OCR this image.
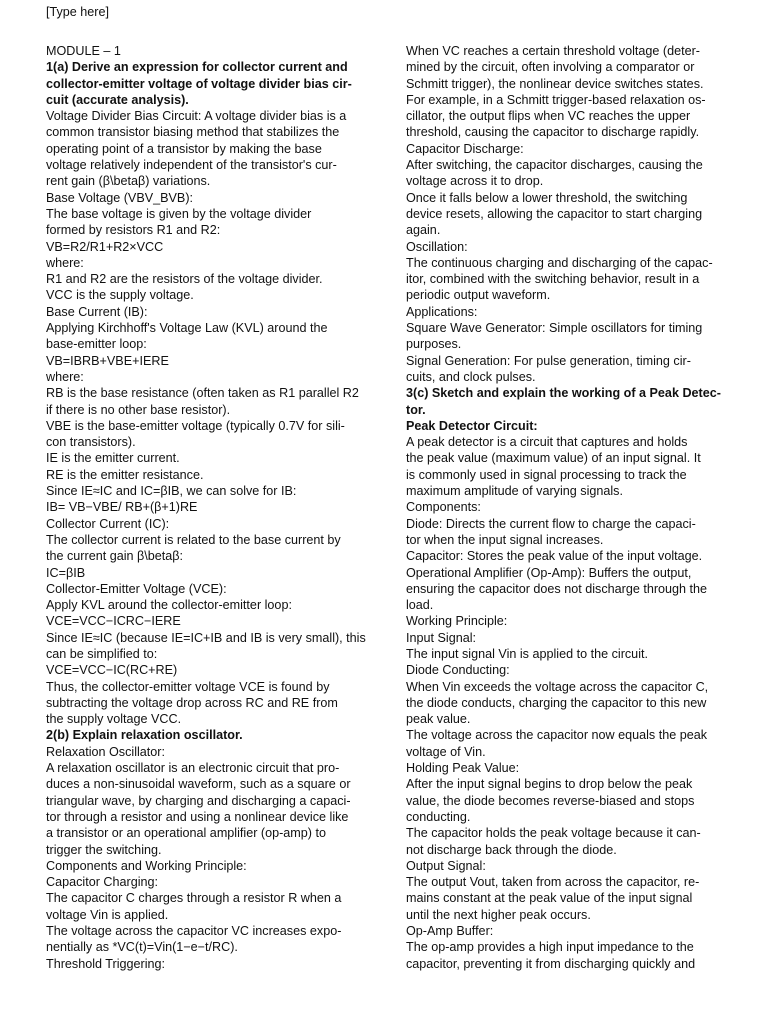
[Type here]
MODULE – 1
1(a) Derive an expression for collector current and
collector-emitter voltage of voltage divider bias cir-
cuit (accurate analysis).
Voltage Divider Bias Circuit: A voltage divider bias is a
common transistor biasing method that stabilizes the
operating point of a transistor by making the base
voltage relatively independent of the transistor's cur-
rent gain (β\betaβ) variations.
Base Voltage (VBV_BVB):
The base voltage is given by the voltage divider
formed by resistors R1 and R2:
VB=R2/R1+R2×VCC
where:
R1 and R2 are the resistors of the voltage divider.
VCC is the supply voltage.
Base Current (IB):
Applying Kirchhoff's Voltage Law (KVL) around the
base-emitter loop:
VB=IBRB+VBE+IERE
where:
RB is the base resistance (often taken as R1 parallel R2
if there is no other base resistor).
VBE is the base-emitter voltage (typically 0.7V for sili-
con transistors).
IE is the emitter current.
RE is the emitter resistance.
Since IE≈IC and IC=βIB, we can solve for IB:
IB= VB−VBE/ RB+(β+1)RE
Collector Current (IC):
The collector current is related to the base current by
the current gain β\betaβ:
IC=βIB
Collector-Emitter Voltage (VCE):
Apply KVL around the collector-emitter loop:
VCE=VCC−ICRC−IERE
Since IE≈IC (because IE=IC+IB and IB is very small), this
can be simplified to:
VCE=VCC−IC(RC+RE)
Thus, the collector-emitter voltage VCE is found by
subtracting the voltage drop across RC and RE from
the supply voltage VCC.
2(b) Explain relaxation oscillator.
Relaxation Oscillator:
A relaxation oscillator is an electronic circuit that pro-
duces a non-sinusoidal waveform, such as a square or
triangular wave, by charging and discharging a capaci-
tor through a resistor and using a nonlinear device like
a transistor or an operational amplifier (op-amp) to
trigger the switching.
Components and Working Principle:
Capacitor Charging:
The capacitor C charges through a resistor R when a
voltage Vin is applied.
The voltage across the capacitor VC increases expo-
nentially as *VC(t)=Vin(1−e−t/RC).
Threshold Triggering:
When VC reaches a certain threshold voltage (deter-
mined by the circuit, often involving a comparator or
Schmitt trigger), the nonlinear device switches states.
For example, in a Schmitt trigger-based relaxation os-
cillator, the output flips when VC reaches the upper
threshold, causing the capacitor to discharge rapidly.
Capacitor Discharge:
After switching, the capacitor discharges, causing the
voltage across it to drop.
Once it falls below a lower threshold, the switching
device resets, allowing the capacitor to start charging
again.
Oscillation:
The continuous charging and discharging of the capac-
itor, combined with the switching behavior, result in a
periodic output waveform.
Applications:
Square Wave Generator: Simple oscillators for timing
purposes.
Signal Generation: For pulse generation, timing cir-
cuits, and clock pulses.
3(c) Sketch and explain the working of a Peak Detec-
tor.
Peak Detector Circuit:
A peak detector is a circuit that captures and holds
the peak value (maximum value) of an input signal. It
is commonly used in signal processing to track the
maximum amplitude of varying signals.
Components:
Diode: Directs the current flow to charge the capaci-
tor when the input signal increases.
Capacitor: Stores the peak value of the input voltage.
Operational Amplifier (Op-Amp): Buffers the output,
ensuring the capacitor does not discharge through the
load.
Working Principle:
Input Signal:
The input signal Vin is applied to the circuit.
Diode Conducting:
When Vin exceeds the voltage across the capacitor C,
the diode conducts, charging the capacitor to this new
peak value.
The voltage across the capacitor now equals the peak
voltage of Vin.
Holding Peak Value:
After the input signal begins to drop below the peak
value, the diode becomes reverse-biased and stops
conducting.
The capacitor holds the peak voltage because it can-
not discharge back through the diode.
Output Signal:
The output Vout, taken from across the capacitor, re-
mains constant at the peak value of the input signal
until the next higher peak occurs.
Op-Amp Buffer:
The op-amp provides a high input impedance to the
capacitor, preventing it from discharging quickly and
